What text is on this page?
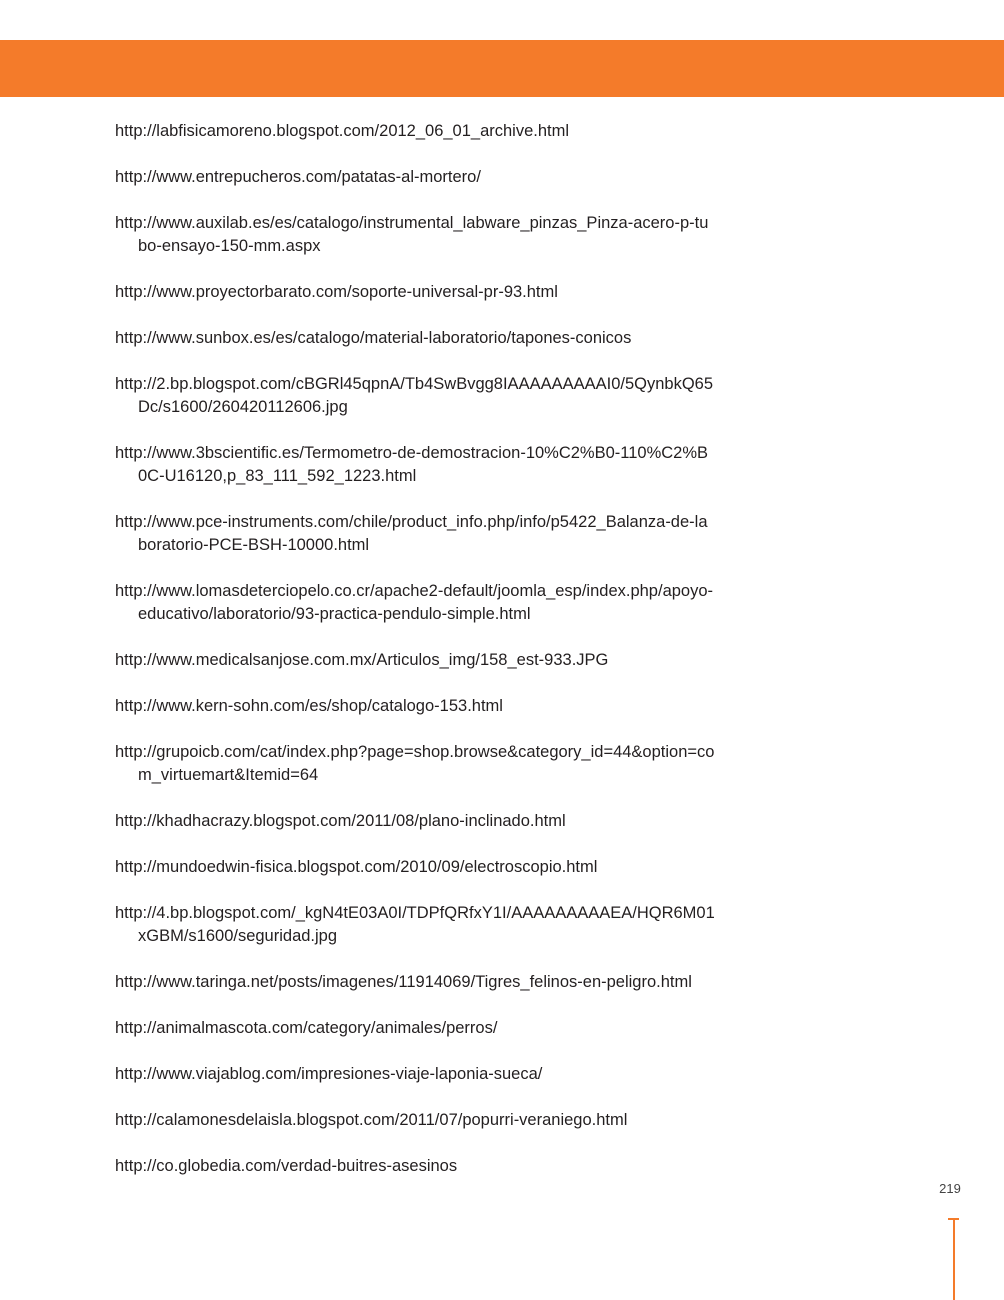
http://labfisicamoreno.blogspot.com/2012_06_01_archive.html
http://www.entrepucheros.com/patatas-al-mortero/
http://www.auxilab.es/es/catalogo/instrumental_labware_pinzas_Pinza-acero-p-tubo-ensayo-150-mm.aspx
http://www.proyectorbarato.com/soporte-universal-pr-93.html
http://www.sunbox.es/es/catalogo/material-laboratorio/tapones-conicos
http://2.bp.blogspot.com/cBGRl45qpnA/Tb4SwBvgg8IAAAAAAAAAI0/5QynbkQ65Dc/s1600/260420112606.jpg
http://www.3bscientific.es/Termometro-de-demostracion-10%C2%B0-110%C2%B0C-U16120,p_83_111_592_1223.html
http://www.pce-instruments.com/chile/product_info.php/info/p5422_Balanza-de-laboratorio-PCE-BSH-10000.html
http://www.lomasdeterciopelo.co.cr/apache2-default/joomla_esp/index.php/apoyo-educativo/laboratorio/93-practica-pendulo-simple.html
http://www.medicalsanjose.com.mx/Articulos_img/158_est-933.JPG
http://www.kern-sohn.com/es/shop/catalogo-153.html
http://grupoicb.com/cat/index.php?page=shop.browse&category_id=44&option=com_virtuemart&Itemid=64
http://khadhacrazy.blogspot.com/2011/08/plano-inclinado.html
http://mundoedwin-fisica.blogspot.com/2010/09/electroscopio.html
http://4.bp.blogspot.com/_kgN4tE03A0I/TDPfQRfxY1I/AAAAAAAAAEA/HQR6M01xGBM/s1600/seguridad.jpg
http://www.taringa.net/posts/imagenes/11914069/Tigres_felinos-en-peligro.html
http://animalmascota.com/category/animales/perros/
http://www.viajablog.com/impresiones-viaje-laponia-sueca/
http://calamonesdelaisla.blogspot.com/2011/07/popurri-veraniego.html
http://co.globedia.com/verdad-buitres-asesinos
219
